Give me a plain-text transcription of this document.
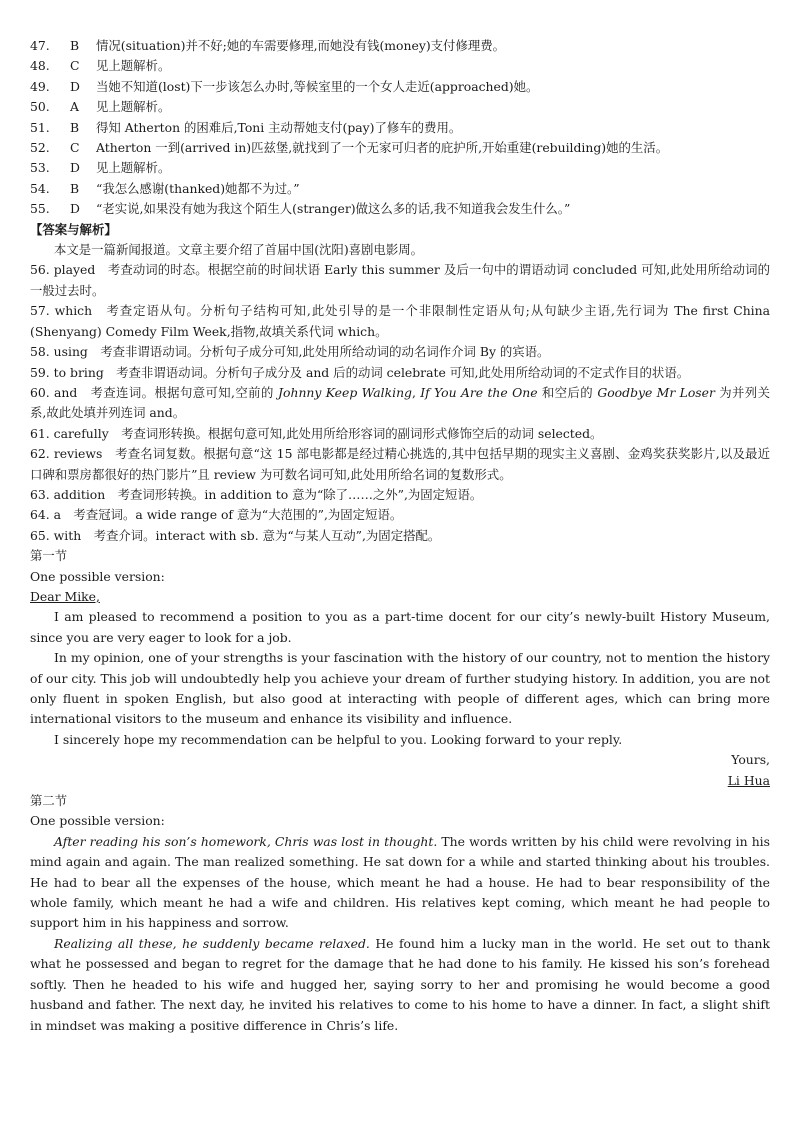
47. B 情况(situation)并不好;她的车需要修理,而她没有钱(money)支付修理费。
48. C 见上题解析。
49. D 当她不知道(lost)下一步该怎么办时,等候室里的一个女人走近(approached)她。
50. A 见上题解析。
51. B 得知 Atherton 的困难后,Toni 主动帮她支付(pay)了修车的费用。
52. C Atherton 一到(arrived in)匹兹堡,就找到了一个无家可归者的庇护所,开始重建(rebuilding)她的生活。
53. D 见上题解析。
54. B “我怎么感谢(thanked)她都不为过。”
55. D “老实说,如果没有她为我这个陌生人(stranger)做这么多的话,我不知道我会发生什么。”
【答案与解析】
本文是一篇新闻报道。文章主要介绍了首届中国(沈阳)喜剧电影周。
56. played　考查动词的时态。根据空前的时间状语 Early this summer 及后一句中的谓语动词 concluded 可知,此处用所给动词的一般过去时。
57. which　考查定语从句。分析句子结构可知,此处引导的是一个非限制性定语从句;从句缺少主语,先行词为 The first China (Shenyang) Comedy Film Week,指物,故填关系代词 which。
58. using　考查非谓语动词。分析句子成分可知,此处用所给动词的动名词作介词 By 的宾语。
59. to bring　考查非谓语动词。分析句子成分及 and 后的动词 celebrate 可知,此处用所给动词的不定式作目的状语。
60. and　考查连词。根据句意可知,空前的 Johnny Keep Walking, If You Are the One 和空后的 Goodbye Mr Loser 为并列关系,故此处填并列连词 and。
61. carefully　考查词形转换。根据句意可知,此处用所给形容词的副词形式修饰空后的动词 selected。
62. reviews　考查名词复数。根据句意“这 15 部电影都是经过精心挑选的,其中包括早期的现实主义喜剧、金鸡奖获奖影片,以及最近口碑和票房都很好的热门影片”且 review 为可数名词可知,此处用所给名词的复数形式。
63. addition　考查词形转换。in addition to 意为“除了……之外”,为固定短语。
64. a　考查冠词。a wide range of 意为“大范围的”,为固定短语。
65. with　考查介词。interact with sb. 意为“与某人互动”,为固定搭配。
第一节
One possible version:
Dear Mike,
I am pleased to recommend a position to you as a part-time docent for our city’s newly-built History Museum, since you are very eager to look for a job.
In my opinion, one of your strengths is your fascination with the history of our country, not to mention the history of our city. This job will undoubtedly help you achieve your dream of further studying history. In addition, you are not only fluent in spoken English, but also good at interacting with people of different ages, which can bring more international visitors to the museum and enhance its visibility and influence.
I sincerely hope my recommendation can be helpful to you. Looking forward to your reply.
Yours,
Li Hua
第二节
One possible version:
After reading his son’s homework, Chris was lost in thought. The words written by his child were revolving in his mind again and again. The man realized something. He sat down for a while and started thinking about his troubles. He had to bear all the expenses of the house, which meant he had a house. He had to bear responsibility of the whole family, which meant he had a wife and children. His relatives kept coming, which meant he had people to support him in his happiness and sorrow.
Realizing all these, he suddenly became relaxed. He found him a lucky man in the world. He set out to thank what he possessed and began to regret for the damage that he had done to his family. He kissed his son’s forehead softly. Then he headed to his wife and hugged her, saying sorry to her and promising he would become a good husband and father. The next day, he invited his relatives to come to his home to have a dinner. In fact, a slight shift in mindset was making a positive difference in Chris’s life.
